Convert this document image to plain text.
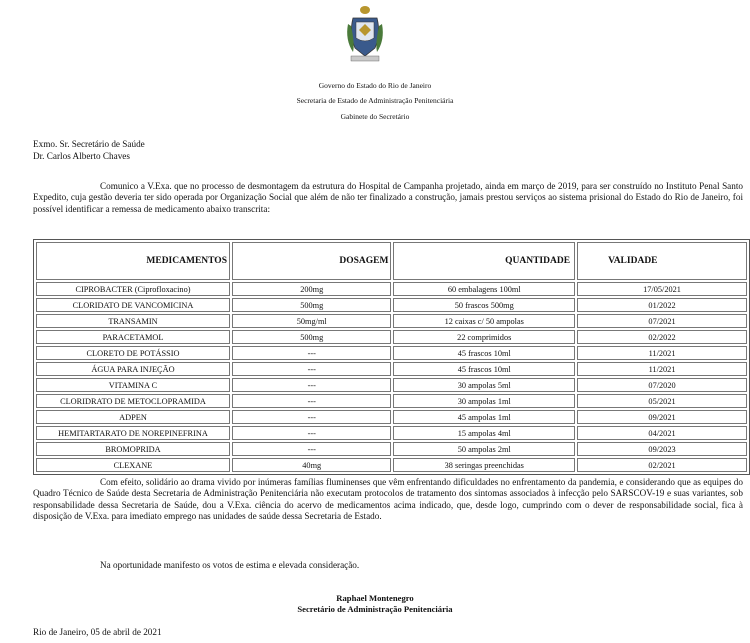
Governo do Estado do Rio de Janeiro
Secretaria de Estado de Administração Penitenciária
Gabinete do Secretário
Exmo. Sr. Secretário de Saúde
Dr. Carlos Alberto Chaves
Comunico a V.Exa. que no processo de desmontagem da estrutura do Hospital de Campanha projetado, ainda em março de 2019, para ser construído no Instituto Penal Santo Expedito, cuja gestão deveria ter sido operada por Organização Social que além de não ter finalizado a construção, jamais prestou serviços ao sistema prisional do Estado do Rio de Janeiro, foi possível identificar a remessa de medicamento abaixo transcrita:
MEDICAMENTOS	DOSAGEM	QUANTIDADE	VALIDADE
CIPROBACTER (Ciprofloxacino)	200mg	60 embalagens 100ml	17/05/2021
CLORIDATO DE VANCOMICINA	500mg	50 frascos 500mg	01/2022
TRANSAMIN	50mg/ml	12 caixas c/ 50 ampolas	07/2021
PARACETAMOL	500mg	22 comprimidos	02/2022
CLORETO DE POTÁSSIO	---	45 frascos 10ml	11/2021
ÁGUA PARA INJEÇÃO	---	45 frascos 10ml	11/2021
VITAMINA C	---	30 ampolas 5ml	07/2020
CLORIDRATO DE METOCLOPRAMIDA	---	30 ampolas 1ml	05/2021
ADPEN	---	45 ampolas 1ml	09/2021
HEMITARTARATO DE NOREPINEFRINA	---	15 ampolas 4ml	04/2021
BROMOPRIDA	---	50 ampolas 2ml	09/2023
CLEXANE	40mg	38 seringas preenchidas	02/2021
Com efeito, solidário ao drama vivido por inúmeras famílias fluminenses que vêm enfrentando dificuldades no enfrentamento da pandemia, e considerando que as equipes do Quadro Técnico de Saúde desta Secretaria de Administração Penitenciária não executam protocolos de tratamento dos sintomas associados à infecção pelo SARSCOV-19 e suas variantes, sob responsabilidade dessa Secretaria de Saúde, dou a V.Exa. ciência do acervo de medicamentos acima indicado, que, desde logo, cumprindo com o dever de responsabilidade social, fica à disposição de V.Exa. para imediato emprego nas unidades de saúde dessa Secretaria de Estado.
Na oportunidade manifesto os votos de estima e elevada consideração.
Raphael Montenegro
Secretário de Administração Penitenciária
Rio de Janeiro, 05 de abril de 2021
